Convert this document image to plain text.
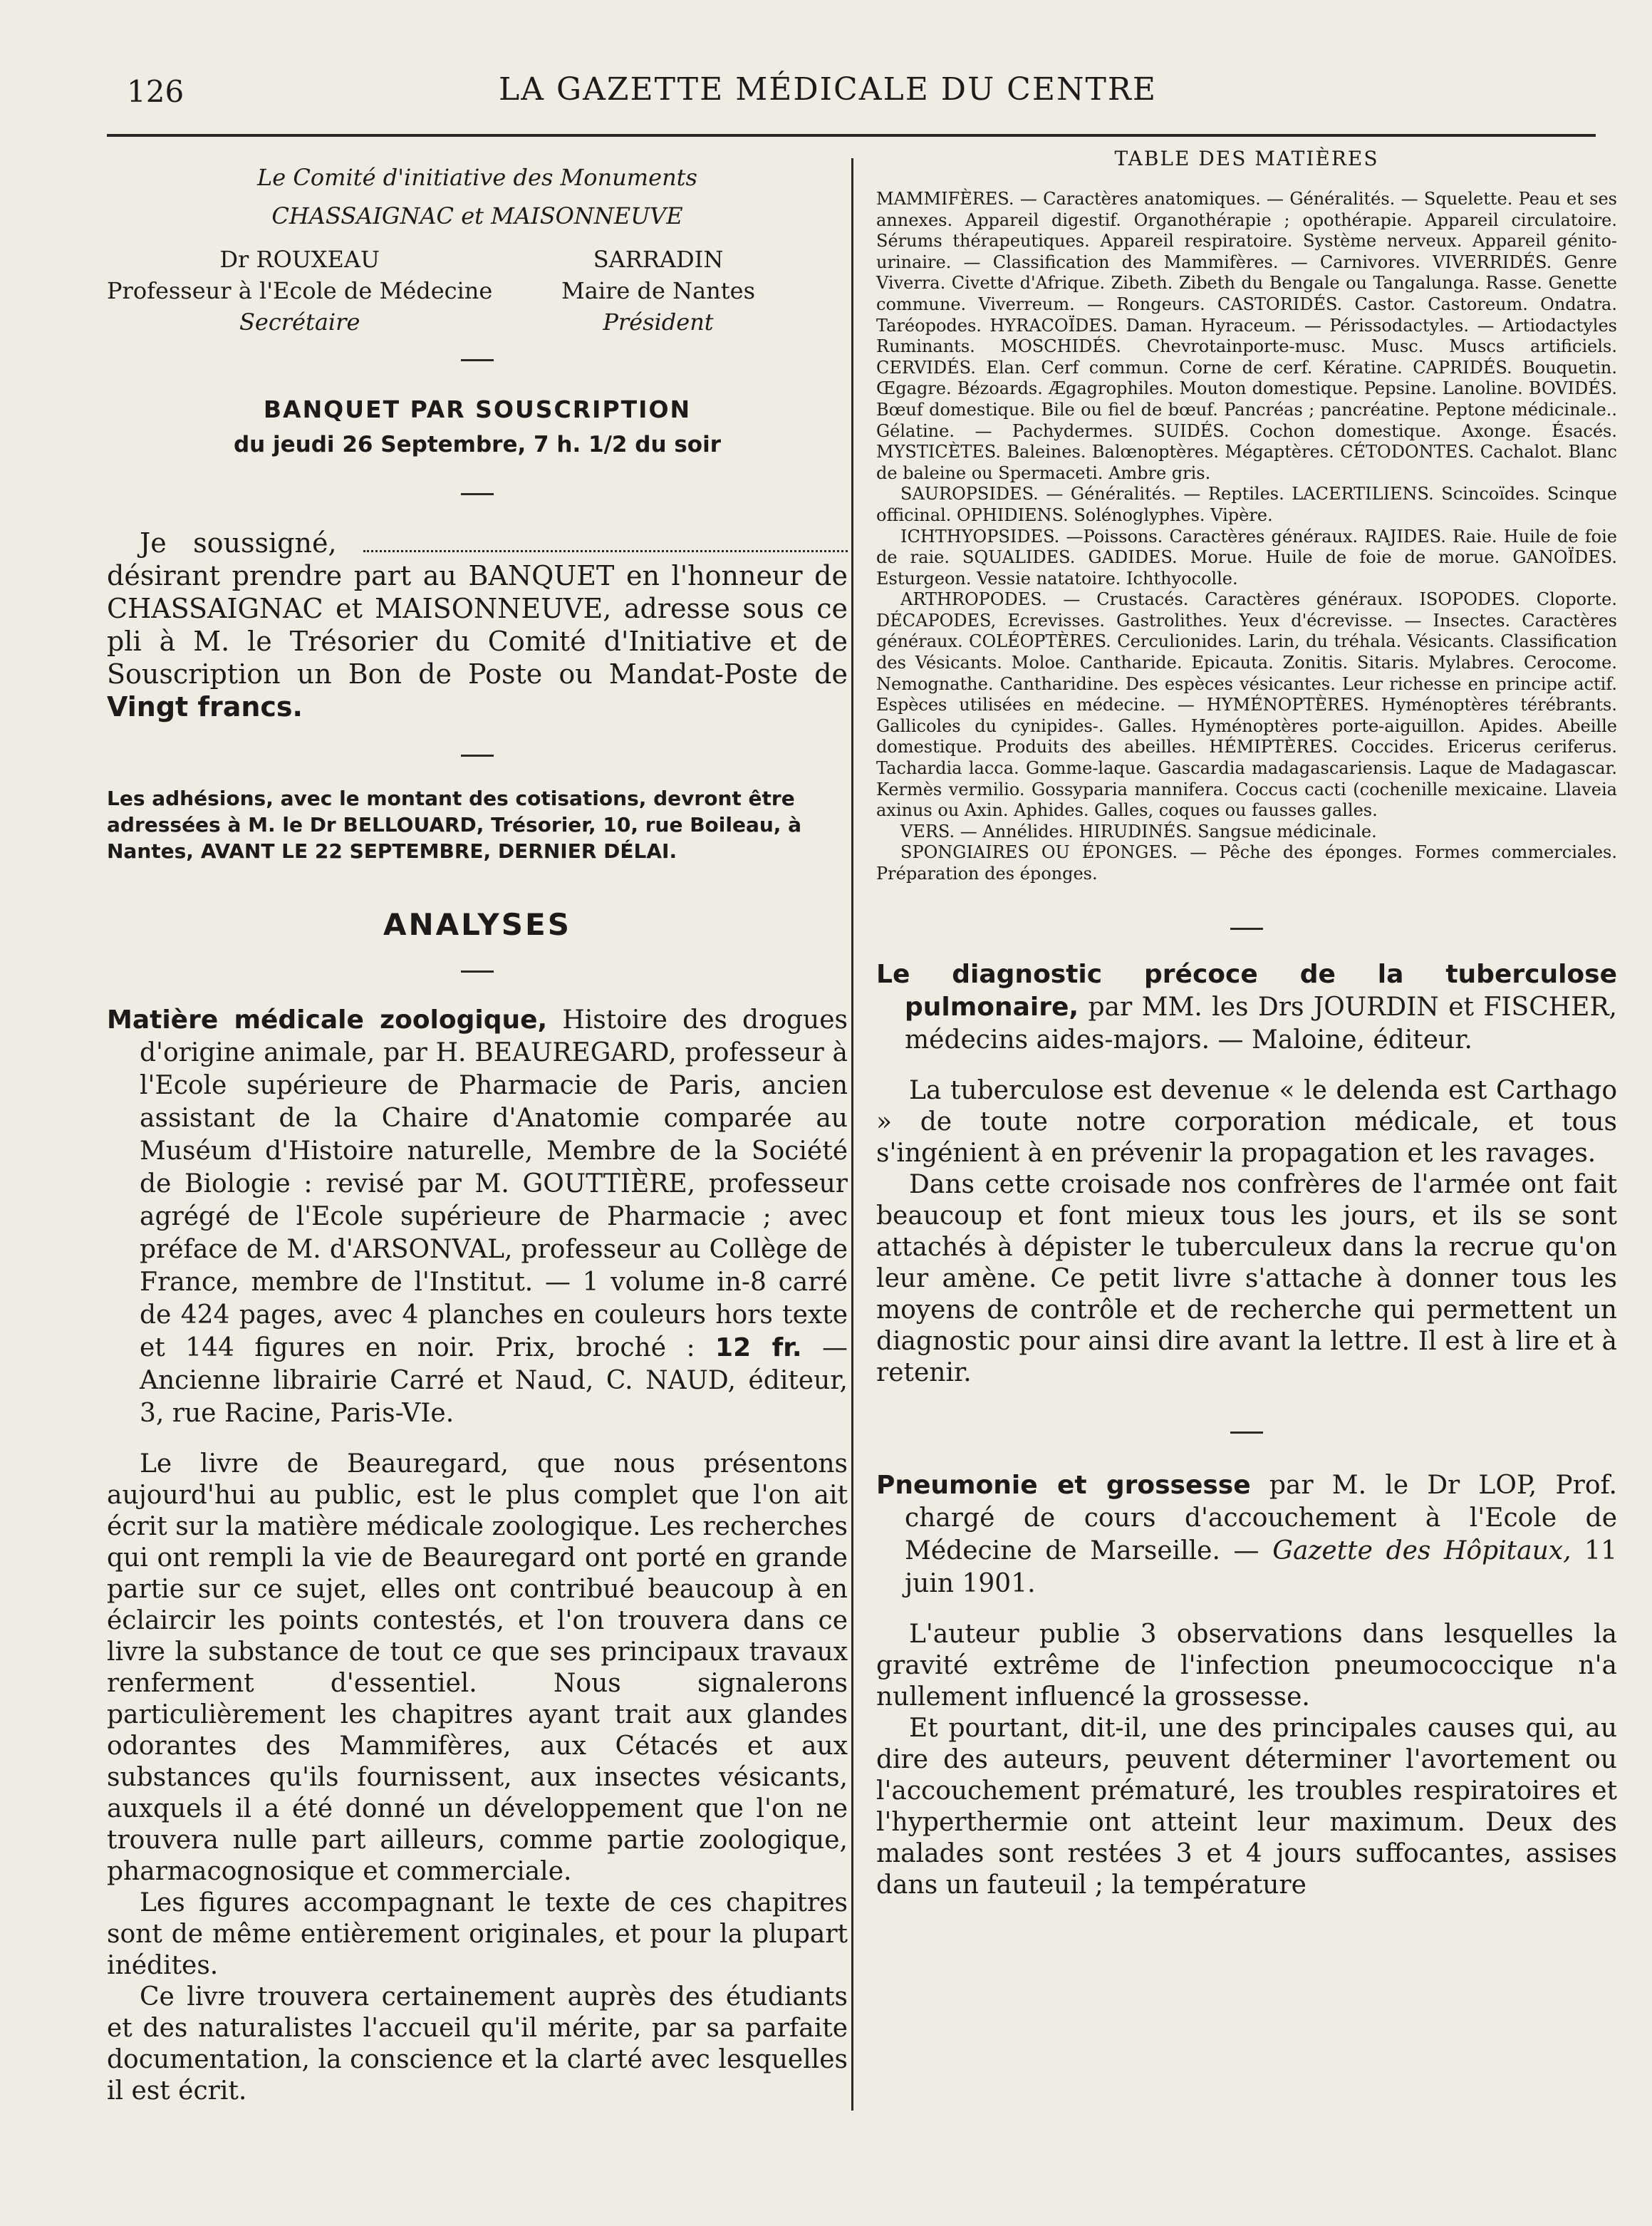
126	LA GAZETTE MÉDICALE DU CENTRE
Le Comité d'initiative des Monuments
CHASSAIGNAC et MAISONNEUVE
Dr ROUXEAU
Professeur à l'Ecole de Médecine
Secrétaire
SARRADIN
Maire de Nantes
Président
BANQUET PAR SOUSCRIPTION
du jeudi 26 Septembre, 7 h. 1/2 du soir
Je soussigné,  désirant prendre part au BANQUET en l'honneur de CHASSAIGNAC et MAISONNEUVE, adresse sous ce pli à M. le Trésorier du Comité d'Initiative et de Souscription un Bon de Poste ou Mandat-Poste de Vingt francs.
Les adhésions, avec le montant des cotisations, devront être adressées à M. le Dr BELLOUARD, Trésorier, 10, rue Boileau, à Nantes, AVANT LE 22 SEPTEMBRE, DERNIER DÉLAI.
ANALYSES
Matière médicale zoologique, Histoire des drogues d'origine animale, par H. BEAUREGARD, professeur à l'Ecole supérieure de Pharmacie de Paris, ancien assistant de la Chaire d'Anatomie comparée au Muséum d'Histoire naturelle, Membre de la Société de Biologie : revisé par M. GOUTTIÈRE, professeur agrégé de l'Ecole supérieure de Pharmacie ; avec préface de M. d'ARSONVAL, professeur au Collège de France, membre de l'Institut. — 1 volume in-8 carré de 424 pages, avec 4 planches en couleurs hors texte et 144 figures en noir. Prix, broché : 12 fr. — Ancienne librairie Carré et Naud, C. NAUD, éditeur, 3, rue Racine, Paris-VIe.

Le livre de Beauregard, que nous présentons aujourd'hui au public, est le plus complet que l'on ait écrit sur la matière médicale zoologique. Les recherches qui ont rempli la vie de Beauregard ont porté en grande partie sur ce sujet, elles ont contribué beaucoup à en éclaircir les points contestés, et l'on trouvera dans ce livre la substance de tout ce que ses principaux travaux renferment d'essentiel. Nous signalerons particulièrement les chapitres ayant trait aux glandes odorantes des Mammifères, aux Cétacés et aux substances qu'ils fournissent, aux insectes vésicants, auxquels il a été donné un développement que l'on ne trouvera nulle part ailleurs, comme partie zoologique, pharmacognosique et commerciale.

Les figures accompagnant le texte de ces chapitres sont de même entièrement originales, et pour la plupart inédites.

Ce livre trouvera certainement auprès des étudiants et des naturalistes l'accueil qu'il mérite, par sa parfaite documentation, la conscience et la clarté avec lesquelles il est écrit.

TABLE DES MATIÈRES

MAMMIFÈRES. — Caractères anatomiques. — Généralités. — Squelette. Peau et ses annexes. Appareil digestif. Organothérapie ; opothérapie. Appareil circulatoire. Sérums thérapeutiques. Appareil respiratoire. Système nerveux. Appareil génito-urinaire. — Classification des Mammifères. — Carnivores. VIVERRIDÉS. Genre Viverra. Civette d'Afrique. Zibeth. Zibeth du Bengale ou Tangalunga. Rasse. Genette commune. Viverreum. — Rongeurs. CASTORIDÉS. Castor. Castoreum. Ondatra. Taréopodes. HYRACOÏDES. Daman. Hyraceum. — Périssodactyles. — Artiodactyles Ruminants. MOSCHIDÉS. Chevrotainporte-musc. Musc. Muscs artificiels. CERVIDÉS. Elan. Cerf commun. Corne de cerf. Kératine. CAPRIDÉS. Bouquetin. Œgagre. Bézoards. Ægagrophiles. Mouton domestique. Pepsine. Lanoline. BOVIDÉS. Bœuf domestique. Bile ou fiel de bœuf. Pancréas ; pancréatine. Peptone médicinale.. Gélatine. — Pachydermes. SUIDÉS. Cochon domestique. Axonge. Ésacés. MYSTICÈTES. Baleines. Balœnoptères. Mégaptères. CÉTODONTES. Cachalot. Blanc de baleine ou Spermaceti. Ambre gris.

SAUROPSIDES. — Généralités. — Reptiles. LACERTILIENS. Scincoïdes. Scinque officinal. OPHIDIENS. Solénoglyphes. Vipère.

ICHTHYOPSIDES. —Poissons. Caractères généraux. RAJIDES. Raie. Huile de foie de raie. SQUALIDES. GADIDES. Morue. Huile de foie de morue. GANOÏDES. Esturgeon. Vessie natatoire. Ichthyocolle.

ARTHROPODES. — Crustacés. Caractères généraux. ISOPODES. Cloporte. DÉCAPODES, Ecrevisses. Gastrolithes. Yeux d'écrevisse. — Insectes. Caractères généraux. COLÉOPTÈRES. Cerculionides. Larin, du tréhala. Vésicants. Classification des Vésicants. Moloe. Cantharide. Epicauta. Zonitis. Sitaris. Mylabres. Cerocome. Nemognathe. Cantharidine. Des espèces vésicantes. Leur richesse en principe actif. Espèces utilisées en médecine. — HYMÉNOPTÈRES. Hyménoptères térébrants. Gallicoles du cynipides-. Galles. Hyménoptères porte-aiguillon. Apides. Abeille domestique. Produits des abeilles. HÉMIPTÈRES. Coccides. Ericerus ceriferus. Tachardia lacca. Gomme-laque. Gascardia madagascariensis. Laque de Madagascar. Kermès vermilio. Gossyparia mannifera. Coccus cacti (cochenille mexicaine. Llaveia axinus ou Axin. Aphides. Galles, coques ou fausses galles.

VERS. — Annélides. HIRUDINÉS. Sangsue médicinale.

SPONGIAIRES OU ÉPONGES. — Pêche des éponges. Formes commerciales. Préparation des éponges.

Le diagnostic précoce de la tuberculose pulmonaire, par MM. les Drs JOURDIN et FISCHER, médecins aides-majors. — Maloine, éditeur.

La tuberculose est devenue « le delenda est Carthago » de toute notre corporation médicale, et tous s'ingénient à en prévenir la propagation et les ravages.

Dans cette croisade nos confrères de l'armée ont fait beaucoup et font mieux tous les jours, et ils se sont attachés à dépister le tuberculeux dans la recrue qu'on leur amène. Ce petit livre s'attache à donner tous les moyens de contrôle et de recherche qui permettent un diagnostic pour ainsi dire avant la lettre. Il est à lire et à retenir.

Pneumonie et grossesse par M. le Dr LOP, Prof. chargé de cours d'accouchement à l'Ecole de Médecine de Marseille. — Gazette des Hôpitaux, 11 juin 1901.

L'auteur publie 3 observations dans lesquelles la gravité extrême de l'infection pneumococcique n'a nullement influencé la grossesse.

Et pourtant, dit-il, une des principales causes qui, au dire des auteurs, peuvent déterminer l'avortement ou l'accouchement prématuré, les troubles respiratoires et l'hyperthermie ont atteint leur maximum. Deux des malades sont restées 3 et 4 jours suffocantes, assises dans un fauteuil ; la température
